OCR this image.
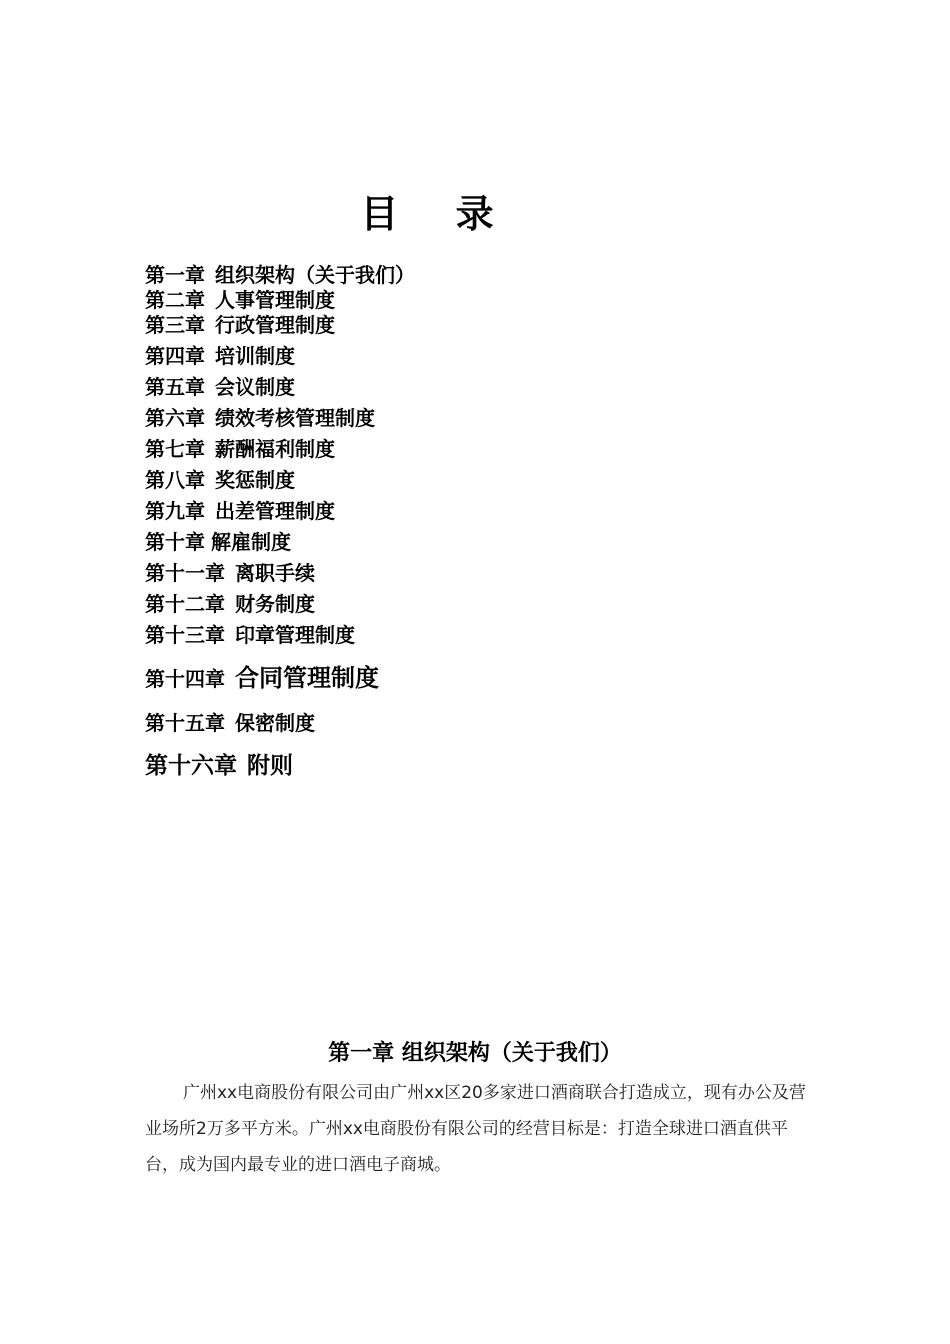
目 录
第一章 组织架构（关于我们）
第二章 人事管理制度
第三章 行政管理制度
第四章 培训制度
第五章 会议制度
第六章 绩效考核管理制度
第七章 薪酬福利制度
第八章 奖惩制度
第九章 出差管理制度
第十章 解雇制度
第十一章 离职手续
第十二章 财务制度
第十三章 印章管理制度
第十四章 合同管理制度
第十五章 保密制度
第十六章 附则
第一章 组织架构（关于我们）

广州xx电商股份有限公司由广州xx区20多家进口酒商联合打造成立，现有办公及营业场所2万多平方米。广州xx电商股份有限公司的经营目标是：打造全球进口酒直供平台，成为国内最专业的进口酒电子商城。
